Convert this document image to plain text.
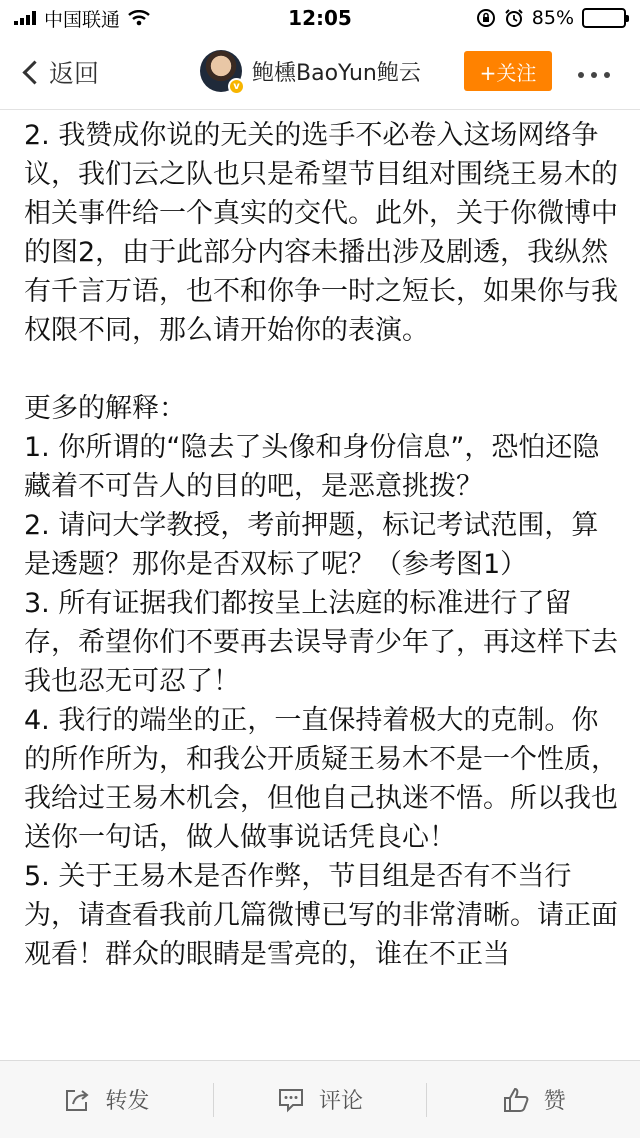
中国联通	12:05	85%
返回	v
鲍櫄BaoYun鲍云	+关注

2. 我赞成你说的无关的选手不必卷入这场网络争议，我们云之队也只是希望节目组对围绕王易木的相关事件给一个真实的交代。此外，关于你微博中的图2，由于此部分内容未播出涉及剧透，我纵然有千言万语，也不和你争一时之短长，如果你与我权限不同，那么请开始你的表演。

更多的解释：

1. 你所谓的“隐去了头像和身份信息”，恐怕还隐藏着不可告人的目的吧，是恶意挑拨？

2. 请问大学教授，考前押题，标记考试范围，算是透题？那你是否双标了呢？（参考图1）

3. 所有证据我们都按呈上法庭的标准进行了留存，希望你们不要再去误导青少年了，再这样下去我也忍无可忍了！

4. 我行的端坐的正，一直保持着极大的克制。你的所作所为，和我公开质疑王易木不是一个性质，我给过王易木机会，但他自己执迷不悟。所以我也送你一句话，做人做事说话凭良心！

5. 关于王易木是否作弊，节目组是否有不当行为，请查看我前几篇微博已写的非常清晰。请正面观看！群众的眼睛是雪亮的，谁在不正当

转发	评论	赞
